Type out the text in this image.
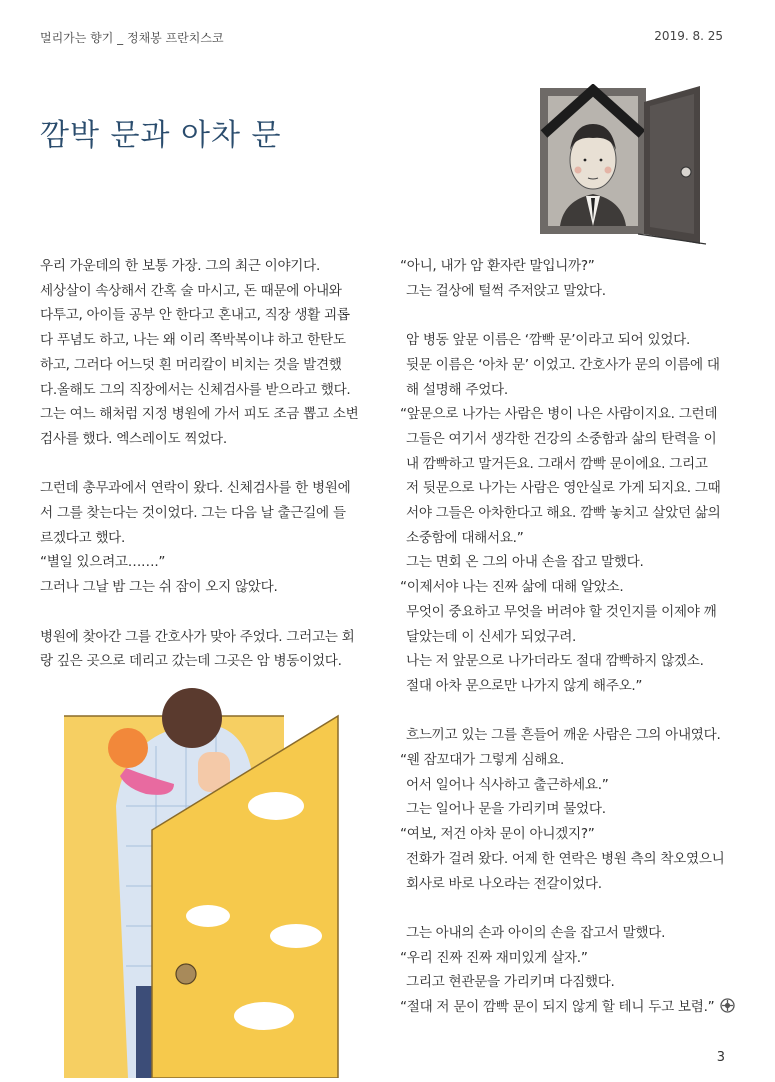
멀리가는 향기 _ 정채봉 프란치스코	2019. 8. 25
깜박 문과 아차 문
우리 가운데의 한 보통 가장. 그의 최근 이야기다.
세상살이 속상해서 간혹 술 마시고, 돈 때문에 아내와
다투고, 아이들 공부 안 한다고 혼내고, 직장 생활 괴롭
다 푸념도 하고, 나는 왜 이리 쪽박복이냐 하고 한탄도
하고, 그러다 어느덧 흰 머리칼이 비치는 것을 발견했
다.올해도 그의 직장에서는 신체검사를 받으라고 했다.
그는 여느 해처럼 지정 병원에 가서 피도 조금 뽑고 소변
검사를 했다. 엑스레이도 찍었다.
그런데 총무과에서 연락이 왔다. 신체검사를 한 병원에
서 그를 찾는다는 것이었다. 그는 다음 날 출근길에 들
르겠다고 했다.
“별일 있으려고…….”
그러나 그날 밤 그는 쉬 잠이 오지 않았다.
병원에 찾아간 그를 간호사가 맞아 주었다. 그러고는 회
랑 깊은 곳으로 데리고 갔는데 그곳은 암 병동이었다.
“아니, 내가 암 환자란 말입니까?”
그는 걸상에 털썩 주저앉고 말았다.
암 병동 앞문 이름은 ‘깜빡 문’이라고 되어 있었다.
뒷문 이름은 ‘아차 문’ 이었고. 간호사가 문의 이름에 대
해 설명해 주었다.
“앞문으로 나가는 사람은 병이 나은 사람이지요. 그런데
그들은 여기서 생각한 건강의 소중함과 삶의 탄력을 이
내 깜빡하고 말거든요. 그래서 깜빡 문이에요. 그리고
저 뒷문으로 나가는 사람은 영안실로 가게 되지요. 그때
서야 그들은 아차한다고 해요. 깜빡 놓치고 살았던 삶의
소중함에 대해서요.”
그는 면회 온 그의 아내 손을 잡고 말했다.
“이제서야 나는 진짜 삶에 대해 알았소.
무엇이 중요하고 무엇을 버려야 할 것인지를 이제야 깨
달았는데 이 신세가 되었구려.
나는 저 앞문으로 나가더라도 절대 깜빡하지 않겠소.
절대 아차 문으로만 나가지 않게 해주오.”
흐느끼고 있는 그를 흔들어 깨운 사람은 그의 아내였다.
“웬 잠꼬대가 그렇게 심해요.
어서 일어나 식사하고 출근하세요.”
그는 일어나 문을 가리키며 물었다.
“여보, 저건 아차 문이 아니겠지?”
전화가 걸려 왔다. 어제 한 연락은 병원 측의 착오였으니
회사로 바로 나오라는 전갈이었다.
그는 아내의 손과 아이의 손을 잡고서 말했다.
“우리 진짜 진짜 재미있게 살자.”
그리고 현관문을 가리키며 다짐했다.
“절대 저 문이 깜빡 문이 되지 않게 할 테니 두고 보렴.”
3
